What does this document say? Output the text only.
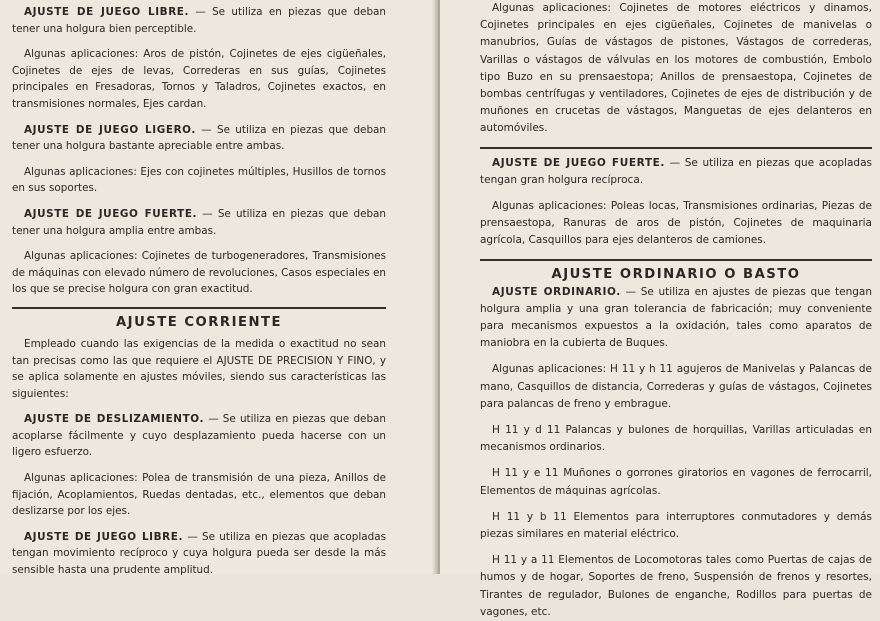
AJUSTE DE JUEGO LIBRE. — Se utiliza en piezas que deban tener una holgura bien perceptible.

Algunas aplicaciones: Aros de pistón, Cojinetes de ejes cigüeñales, Cojinetes de ejes de levas, Correderas en sus guías, Cojinetes principales en Fresadoras, Tornos y Taladros, Cojinetes exactos, en transmisiones normales, Ejes cardan.

AJUSTE DE JUEGO LIGERO. — Se utiliza en piezas que deban tener una holgura bastante apreciable entre ambas.

Algunas aplicaciones: Ejes con cojinetes múltiples, Husillos de tornos en sus soportes.

AJUSTE DE JUEGO FUERTE. — Se utiliza en piezas que deban tener una holgura amplia entre ambas.

Algunas aplicaciones: Cojinetes de turbogeneradores, Transmisiones de máquinas con elevado número de revoluciones, Casos especiales en los que se precise holgura con gran exactitud.

AJUSTE CORRIENTE

Empleado cuando las exigencias de la medida o exactitud no sean tan precisas como las que requiere el AJUSTE DE PRECISION Y FINO, y se aplica solamente en ajustes móviles, siendo sus características las siguientes:

AJUSTE DE DESLIZAMIENTO. — Se utiliza en piezas que deban acoplarse fácilmente y cuyo desplazamiento pueda hacerse con un ligero esfuerzo.

Algunas aplicaciones: Polea de transmisión de una pieza, Anillos de fijación, Acoplamientos, Ruedas dentadas, etc., elementos que deban deslizarse por los ejes.

AJUSTE DE JUEGO LIBRE. — Se utiliza en piezas que acopladas tengan movimiento recíproco y cuya holgura pueda ser desde la más sensible hasta una prudente amplitud.

Algunas aplicaciones: Cojinetes de motores eléctricos y dinamos, Cojinetes principales en ejes cigüeñales, Cojinetes de manivelas o manubrios, Guías de vástagos de pistones, Vástagos de correderas, Varillas o vástagos de válvulas en los motores de combustión, Embolo tipo Buzo en su prensaestopa; Anillos de prensaestopa, Cojinetes de bombas centrífugas y ventiladores, Cojinetes de ejes de distribución y de muñones en crucetas de vástagos, Manguetas de ejes delanteros en automóviles.

AJUSTE DE JUEGO FUERTE. — Se utiliza en piezas que acopladas tengan gran holgura recíproca.

Algunas aplicaciones: Poleas locas, Transmisiones ordinarias, Piezas de prensaestopa, Ranuras de aros de pistón, Cojinetes de maquinaria agrícola, Casquillos para ejes delanteros de camiones.

AJUSTE ORDINARIO O BASTO

AJUSTE ORDINARIO. — Se utiliza en ajustes de piezas que tengan holgura amplia y una gran tolerancia de fabricación; muy conveniente para mecanismos expuestos a la oxidación, tales como aparatos de maniobra en la cubierta de Buques.

Algunas aplicaciones: H 11 y h 11 agujeros de Manivelas y Palancas de mano, Casquillos de distancia, Correderas y guías de vástagos, Cojinetes para palancas de freno y embrague.

H 11 y d 11 Palancas y bulones de horquillas, Varillas articuladas en mecanismos ordinarios.

H 11 y e 11 Muñones o gorrones giratorios en vagones de ferrocarril, Elementos de máquinas agrícolas.

H 11 y b 11 Elementos para interruptores conmutadores y demás piezas similares en material eléctrico.

H 11 y a 11 Elementos de Locomotoras tales como Puertas de cajas de humos y de hogar, Soportes de freno, Suspensión de frenos y resortes, Tirantes de regulador, Bulones de enganche, Rodillos para puertas de vagones, etc.
